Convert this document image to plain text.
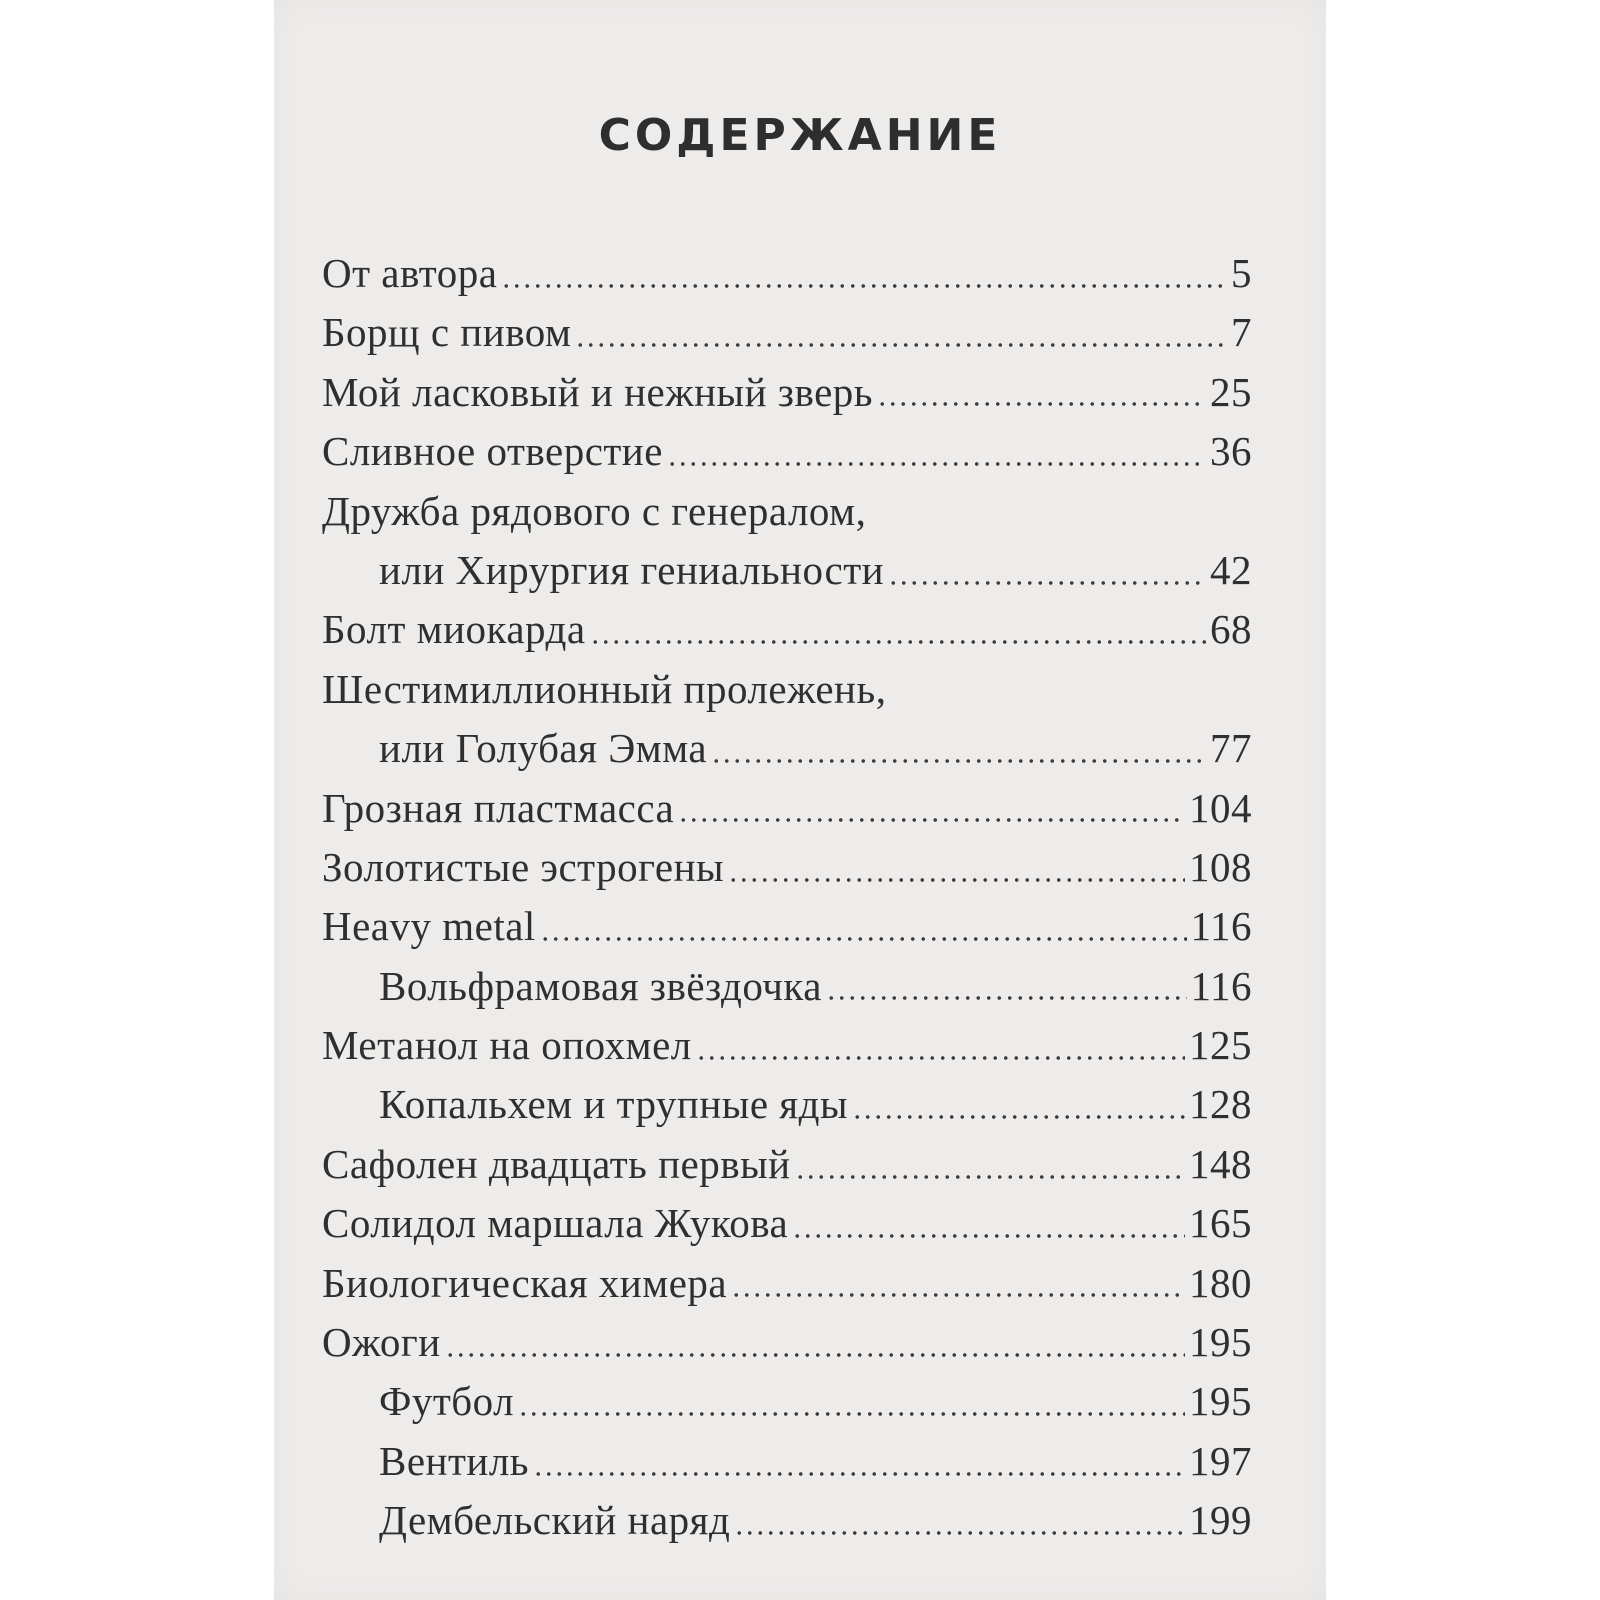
СОДЕРЖАНИЕ
От автора	5
Борщ с пивом	7
Мой ласковый и нежный зверь	25
Сливное отверстие	36
Дружба рядового с генералом,
или Хирургия гениальности	42
Болт миокарда	68
Шестимиллионный пролежень,
или Голубая Эмма	77
Грозная пластмасса	104
Золотистые эстрогены	108
Heavy metal	116
Вольфрамовая звёздочка	116
Метанол на опохмел	125
Копальхем и трупные яды	128
Сафолен двадцать первый	148
Солидол маршала Жукова	165
Биологическая химера	180
Ожоги	195
Футбол	195
Вентиль	197
Дембельский наряд	199
